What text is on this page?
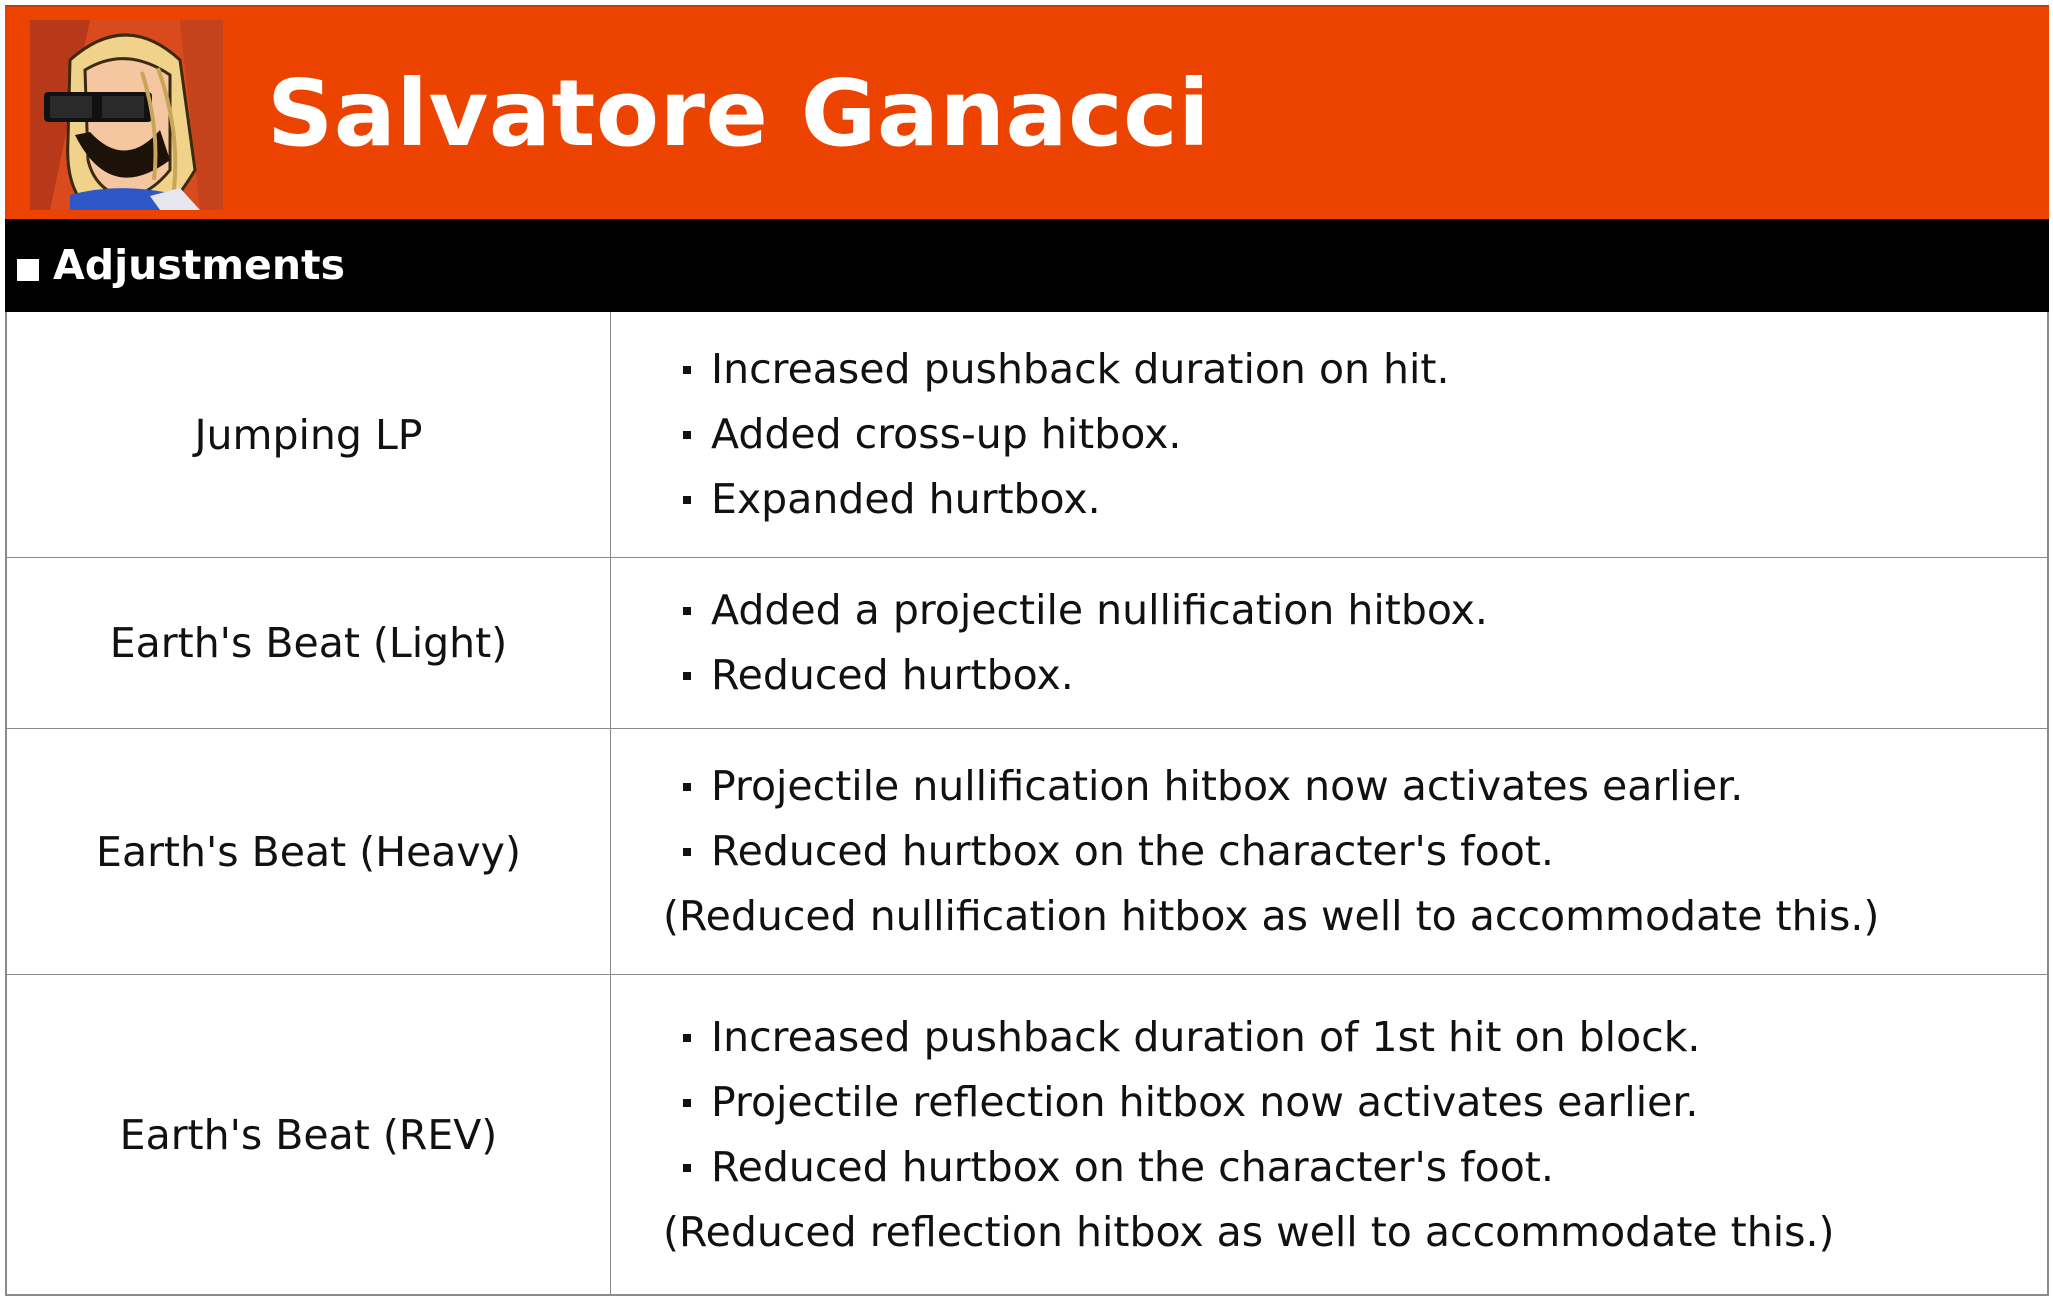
Salvatore Ganacci
Adjustments
Jumping LP
Increased pushback duration on hit.
Added cross-up hitbox.
Expanded hurtbox.
Earth's Beat (Light)
Added a projectile nullification hitbox.
Reduced hurtbox.
Earth's Beat (Heavy)
Projectile nullification hitbox now activates earlier.
Reduced hurtbox on the character's foot.
(Reduced nullification hitbox as well to accommodate this.)
Earth's Beat (REV)
Increased pushback duration of 1st hit on block.
Projectile reflection hitbox now activates earlier.
Reduced hurtbox on the character's foot.
(Reduced reflection hitbox as well to accommodate this.)
